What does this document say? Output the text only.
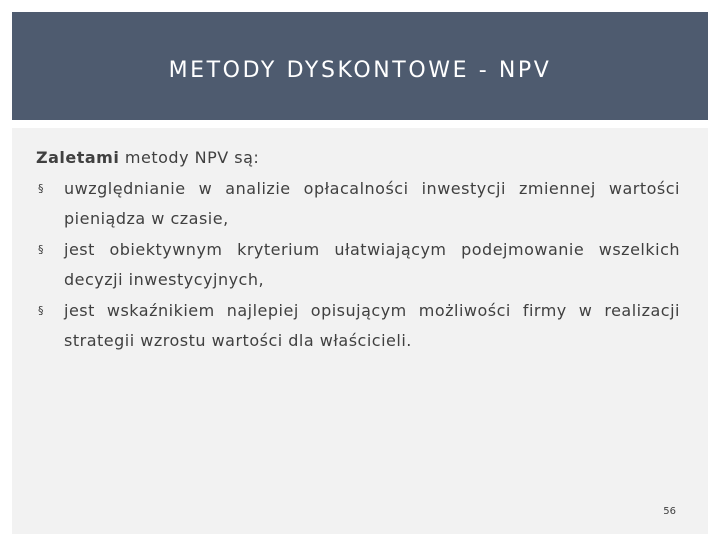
METODY DYSKONTOWE - NPV
Zaletami metody NPV są:
§ uwzględnianie w analizie opłacalności inwestycji zmiennej wartości pieniądza w czasie,
§ jest obiektywnym kryterium ułatwiającym podejmowanie wszelkich decyzji inwestycyjnych,
§ jest wskaźnikiem najlepiej opisującym możliwości firmy w realizacji strategii wzrostu wartości dla właścicieli.
56
